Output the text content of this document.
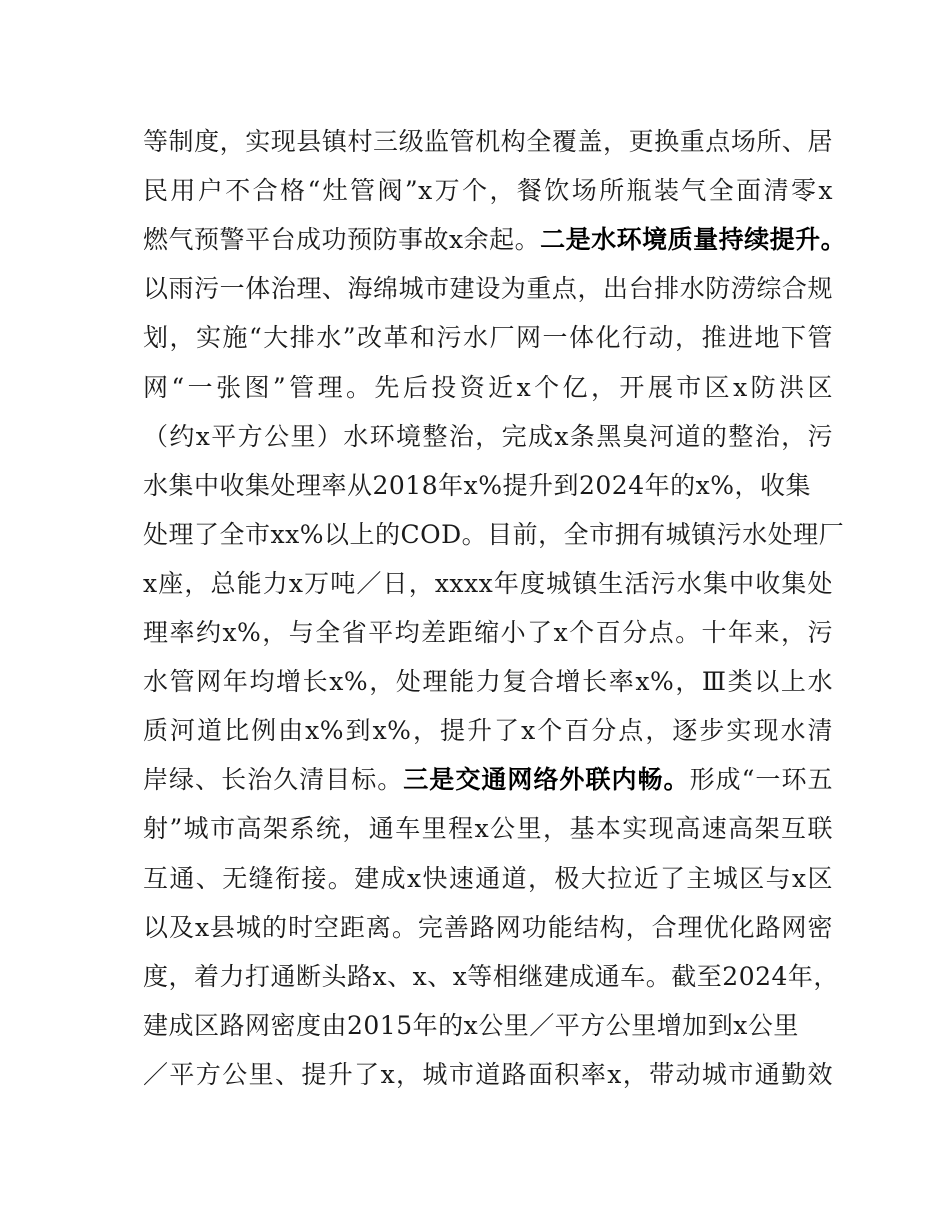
等制度，实现县镇村三级监管机构全覆盖，更换重点场所、居
民用户不合格“灶管阀”x万个，餐饮场所瓶装气全面清零x
燃气预警平台成功预防事故x余起。二是水环境质量持续提升。
以雨污一体治理、海绵城市建设为重点，出台排水防涝综合规
划，实施“大排水”改革和污水厂网一体化行动，推进地下管
网“一张图”管理。先后投资近x个亿，开展市区x防洪区
（约x平方公里）水环境整治，完成x条黑臭河道的整治，污
水集中收集处理率从2018年x%提升到2024年的x%，收集
处理了全市xx%以上的COD。目前，全市拥有城镇污水处理厂
x座，总能力x万吨／日，xxxx年度城镇生活污水集中收集处
理率约x%，与全省平均差距缩小了x个百分点。十年来，污
水管网年均增长x%，处理能力复合增长率x%，Ⅲ类以上水
质河道比例由x%到x%，提升了x个百分点，逐步实现水清
岸绿、长治久清目标。三是交通网络外联内畅。形成“一环五
射”城市高架系统，通车里程x公里，基本实现高速高架互联
互通、无缝衔接。建成x快速通道，极大拉近了主城区与x区
以及x县城的时空距离。完善路网功能结构，合理优化路网密
度，着力打通断头路x、x、x等相继建成通车。截至2024年，
建成区路网密度由2015年的x公里／平方公里增加到x公里
／平方公里、提升了x，城市道路面积率x，带动城市通勤效
